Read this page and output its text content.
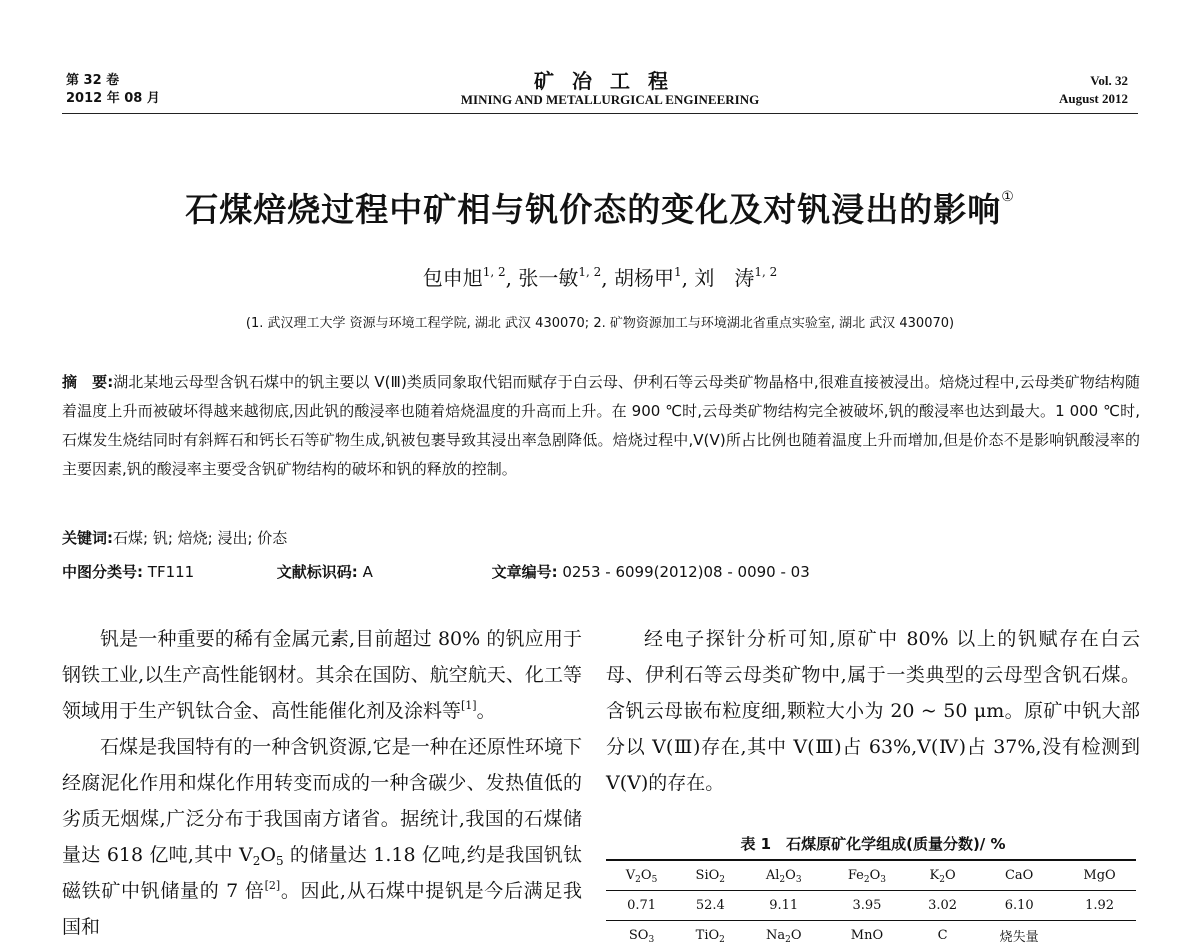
第 32 卷
2012 年 08 月
矿冶工程
MINING AND METALLURGICAL ENGINEERING
Vol. 32
August 2012
石煤焙烧过程中矿相与钒价态的变化及对钒浸出的影响①
包申旭$^{1, 2}$, 张一敏$^{1, 2}$, 胡杨甲$^1$, 刘　涛$^{1, 2}$
(1. 武汉理工大学 资源与环境工程学院, 湖北 武汉 430070; 2. 矿物资源加工与环境湖北省重点实验室, 湖北 武汉 430070)
摘　要:湖北某地云母型含钒石煤中的钒主要以 V(Ⅲ)类质同象取代铝而赋存于白云母、伊利石等云母类矿物晶格中,很难直接被浸出。焙烧过程中,云母类矿物结构随着温度上升而被破坏得越来越彻底,因此钒的酸浸率也随着焙烧温度的升高而上升。在 900 ℃时,云母类矿物结构完全被破坏,钒的酸浸率也达到最大。1 000 ℃时,石煤发生烧结同时有斜辉石和钙长石等矿物生成,钒被包裹导致其浸出率急剧降低。焙烧过程中,V(Ⅴ)所占比例也随着温度上升而增加,但是价态不是影响钒酸浸率的主要因素,钒的酸浸率主要受含钒矿物结构的破坏和钒的释放的控制。
关键词:石煤; 钒; 焙烧; 浸出; 价态
中图分类号: TF111	文献标识码: A	文章编号: 0253 - 6099(2012)08 - 0090 - 03

钒是一种重要的稀有金属元素,目前超过 80% 的钒应用于钢铁工业,以生产高性能钢材。其余在国防、航空航天、化工等领域用于生产钒钛合金、高性能催化剂及涂料等[1]。

石煤是我国特有的一种含钒资源,它是一种在还原性环境下经腐泥化作用和煤化作用转变而成的一种含碳少、发热值低的劣质无烟煤,广泛分布于我国南方诸省。据统计,我国的石煤储量达 618 亿吨,其中 $V_2O_5$ 的储量达 1.18 亿吨,约是我国钒钛磁铁矿中钒储量的 7 倍[2]。因此,从石煤中提钒是今后满足我国和

经电子探针分析可知,原矿中 80% 以上的钒赋存在白云母、伊利石等云母类矿物中,属于一类典型的云母型含钒石煤。含钒云母嵌布粒度细,颗粒大小为 20 ~ 50 μm。原矿中钒大部分以 V(Ⅲ)存在,其中 V(Ⅲ)占 63%,V(Ⅳ)占 37%,没有检测到 V(Ⅴ)的存在。

表 1　石煤原矿化学组成(质量分数)/ %
$V_2O_5$	SiO$_2$	$Al_2O_3$	$Fe_2O_3$	$K_2O$	CaO	MgO
0.71	52.4	9.11	3.95	3.02	6.10	1.92
$SO_3$	TiO$_2$	$Na_2O$	MnO	C	烧失量	
